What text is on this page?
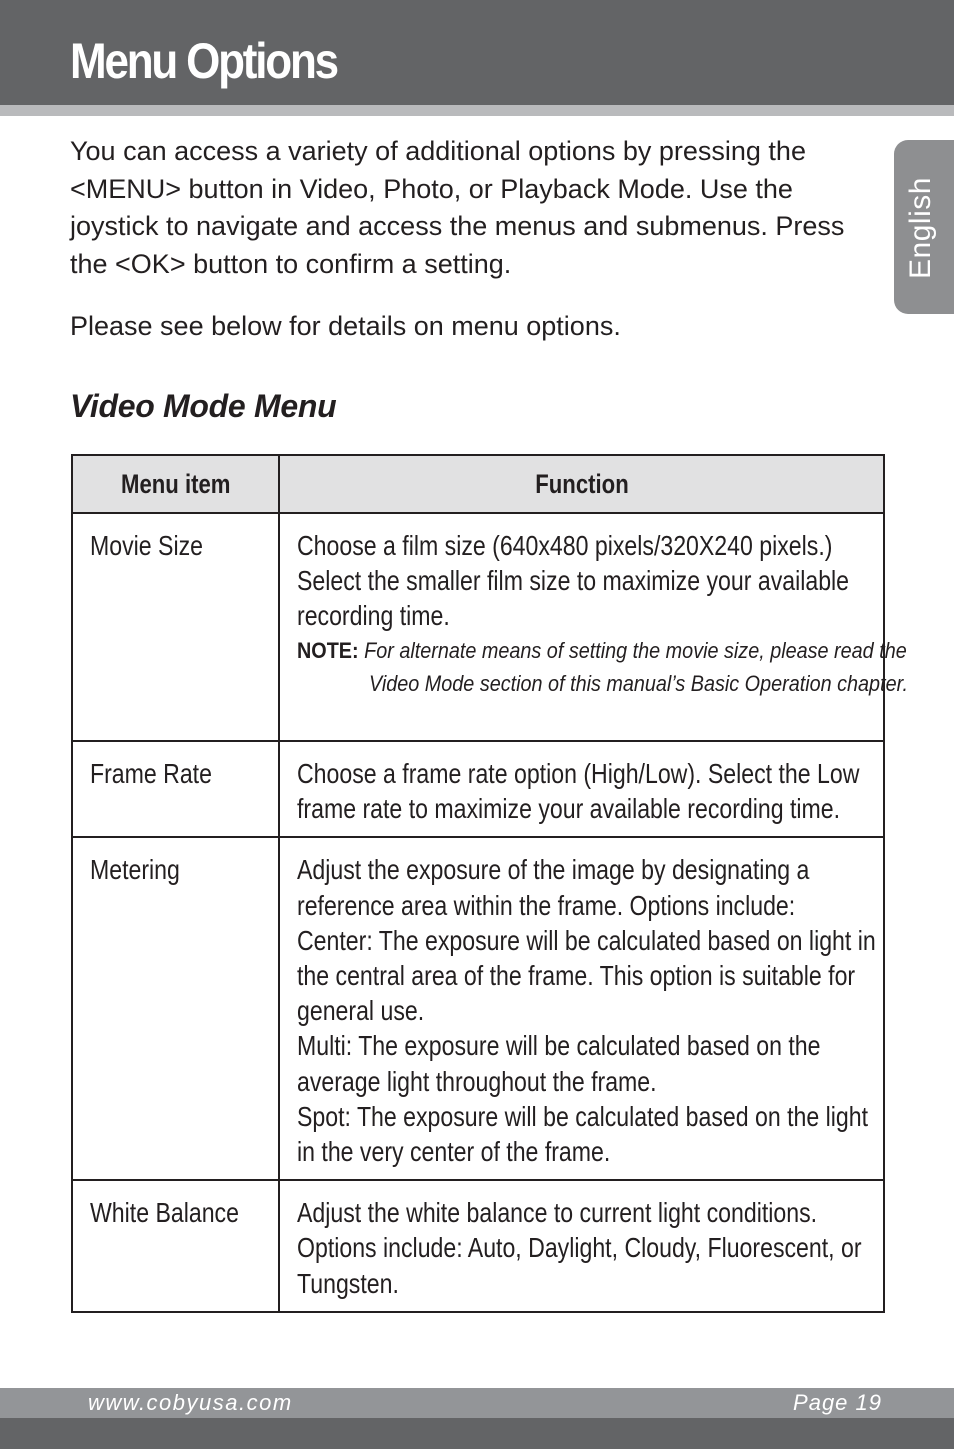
Menu Options
English

You can access a variety of additional options by pressing the <MENU> button in Video, Photo, or Playback Mode. Use the joystick to navigate and access the menus and submenus. Press the <OK> button to confirm a setting.

Please see below for details on menu options.

Video Mode Menu
Menu item	Function

Movie Size	Choose a film size (640x480 pixels/320X240 pixels.) Select the smaller film size to maximize your available recording time.
NOTE: For alternate means of setting the movie size, please read the Video Mode section of this manual’s Basic Operation chapter.

Frame Rate	Choose a frame rate option (High/Low). Select the Low frame rate to maximize your available recording time.

Metering	Adjust the exposure of the image by designating a reference area within the frame. Options include:
Center: The exposure will be calculated based on light in the central area of the frame. This option is suitable for general use.
Multi: The exposure will be calculated based on the average light throughout the frame.
Spot: The exposure will be calculated based on the light in the very center of the frame.

White Balance	Adjust the white balance to current light conditions.
Options include: Auto, Daylight, Cloudy, Fluorescent, or Tungsten.
www.cobyusa.com	Page 19
